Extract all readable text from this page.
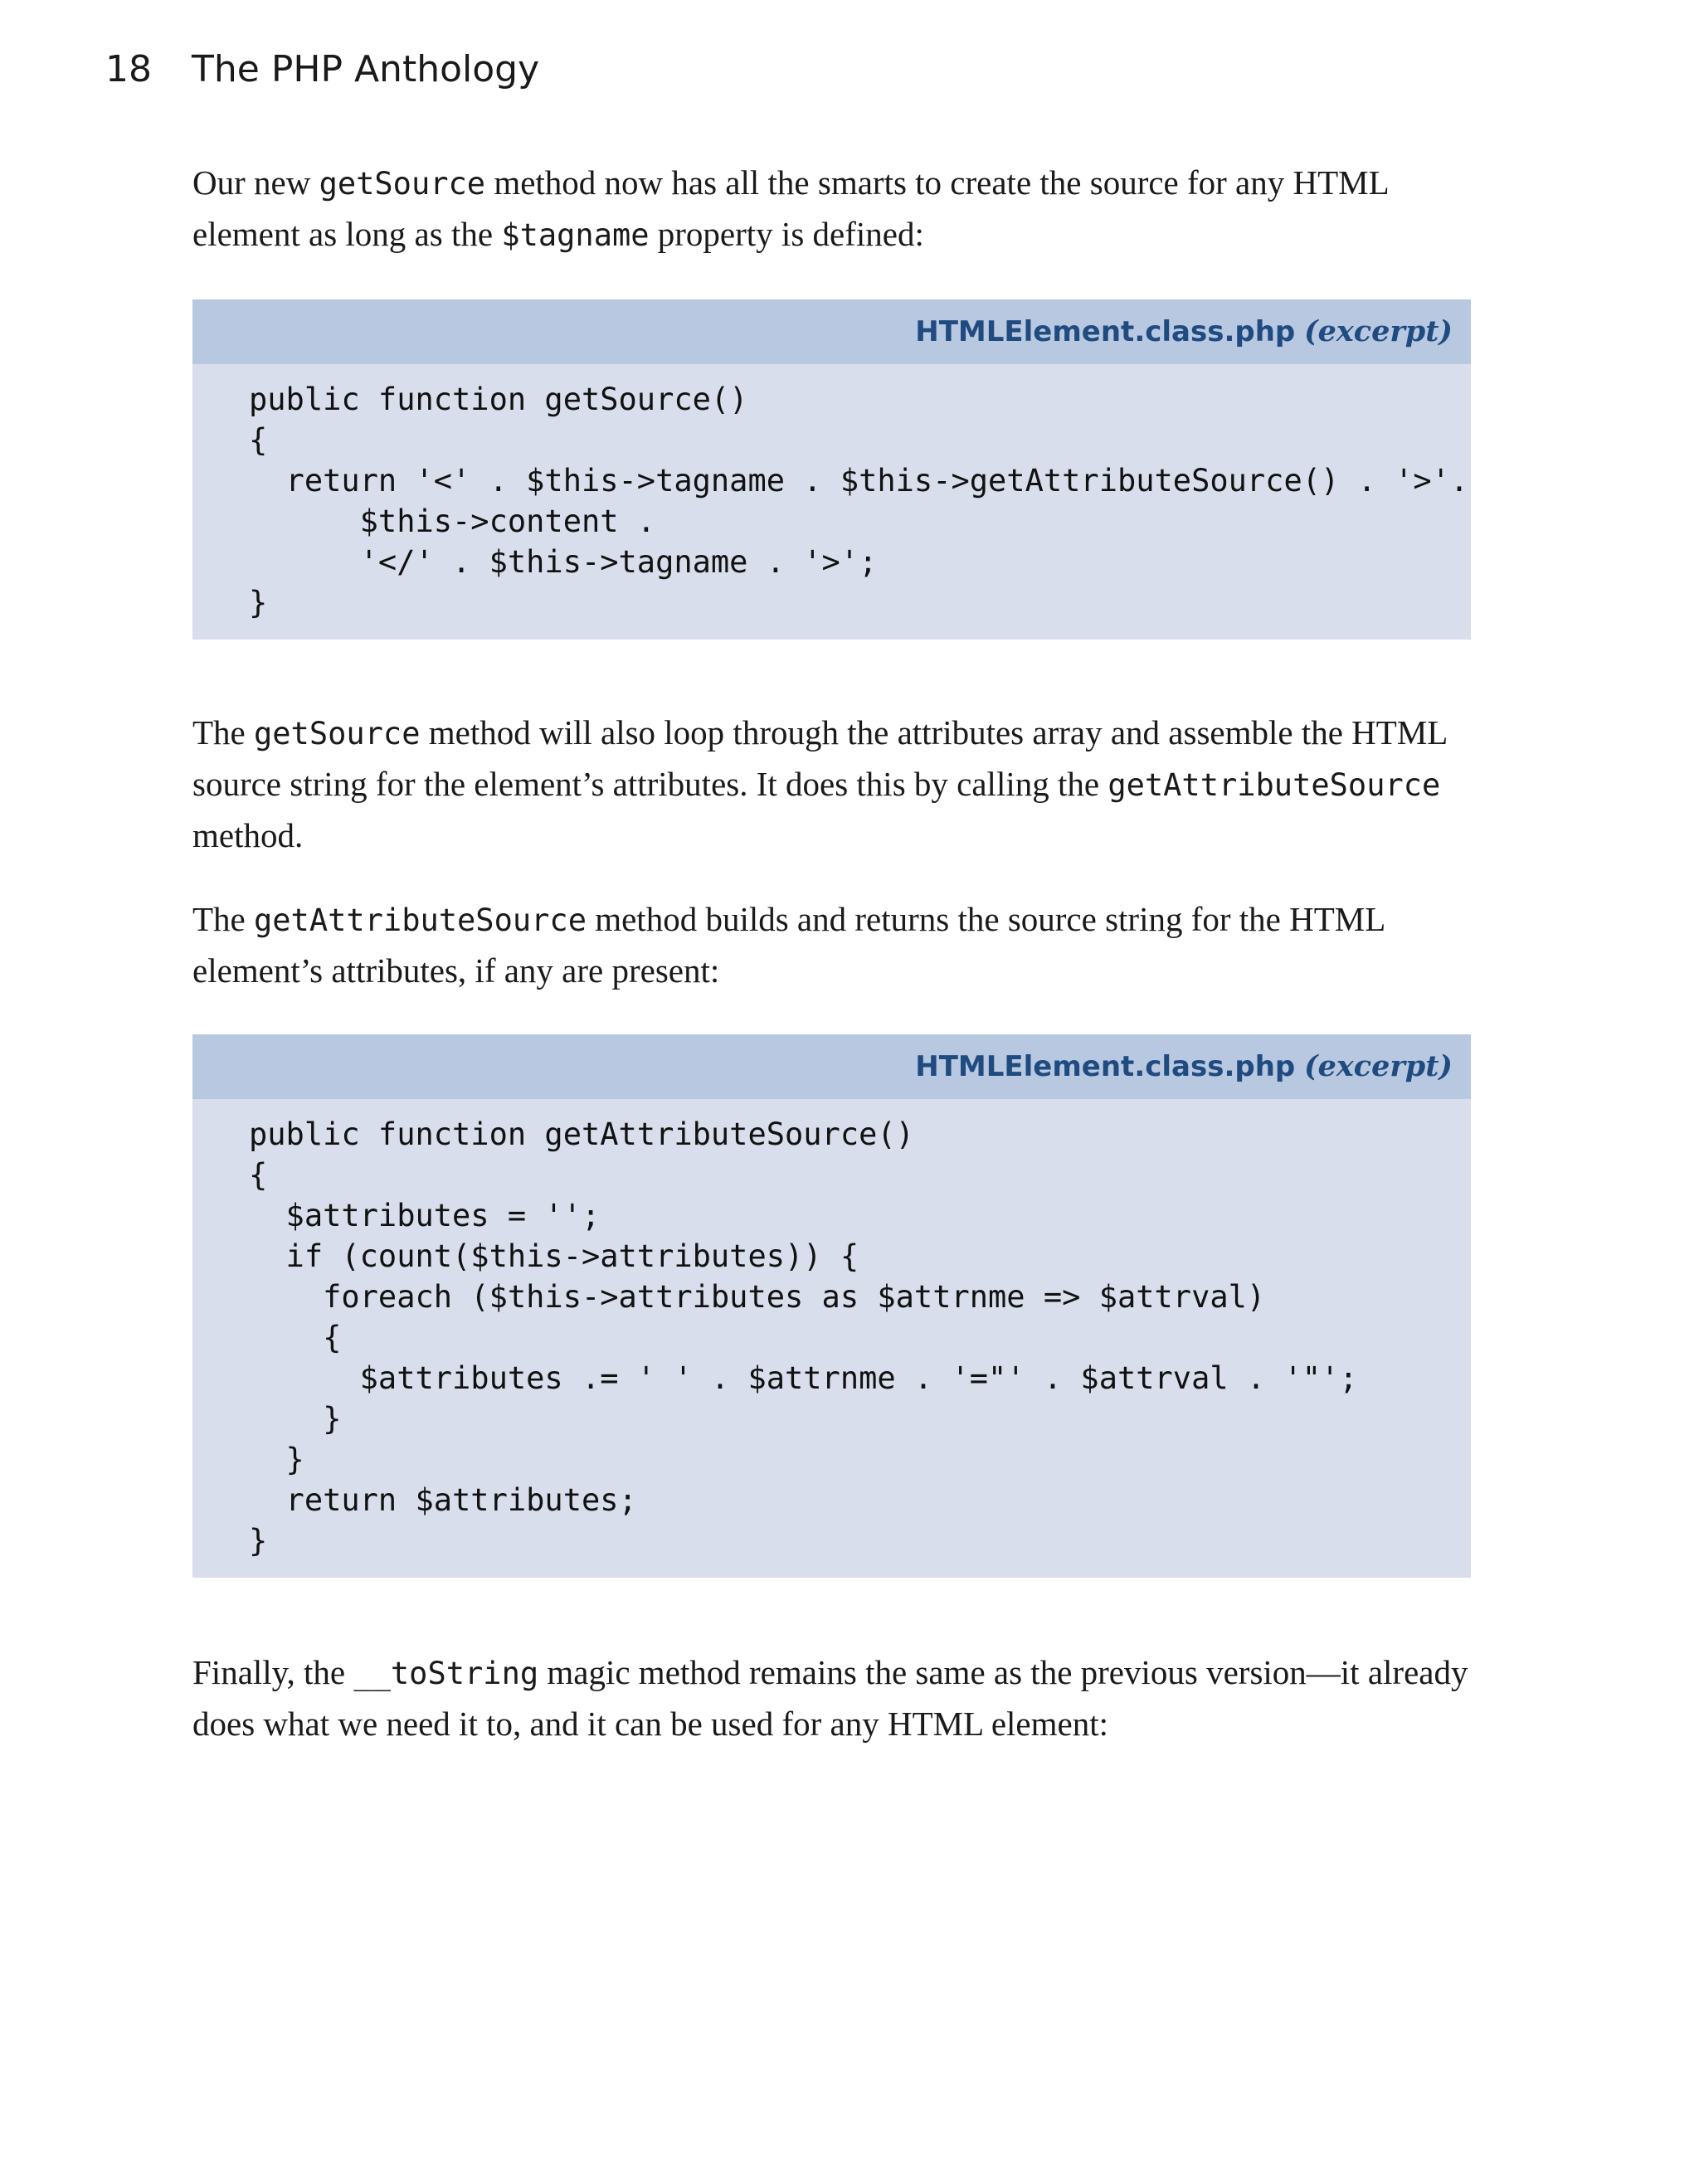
18 The PHP Anthology

Our new getSource method now has all the smarts to create the source for any HTML element as long as the $tagname property is defined:

HTMLElement.class.php (excerpt)
public function getSource()
{
return '<' . $this->tagname . $this->getAttributeSource() . '>'.
$this->content .
'</' . $this->tagname . '>';
}

The getSource method will also loop through the attributes array and assemble the HTML source string for the element’s attributes. It does this by calling the getAttributeSource method.

The getAttributeSource method builds and returns the source string for the HTML element’s attributes, if any are present:

HTMLElement.class.php (excerpt)
public function getAttributeSource()
{
$attributes = '';
if (count($this->attributes)) {
foreach ($this->attributes as $attrnme => $attrval)
{
$attributes .= ' ' . $attrnme . '="' . $attrval . '"';
}
}
return $attributes;
}

Finally, the __toString magic method remains the same as the previous version—it already does what we need it to, and it can be used for any HTML element:
